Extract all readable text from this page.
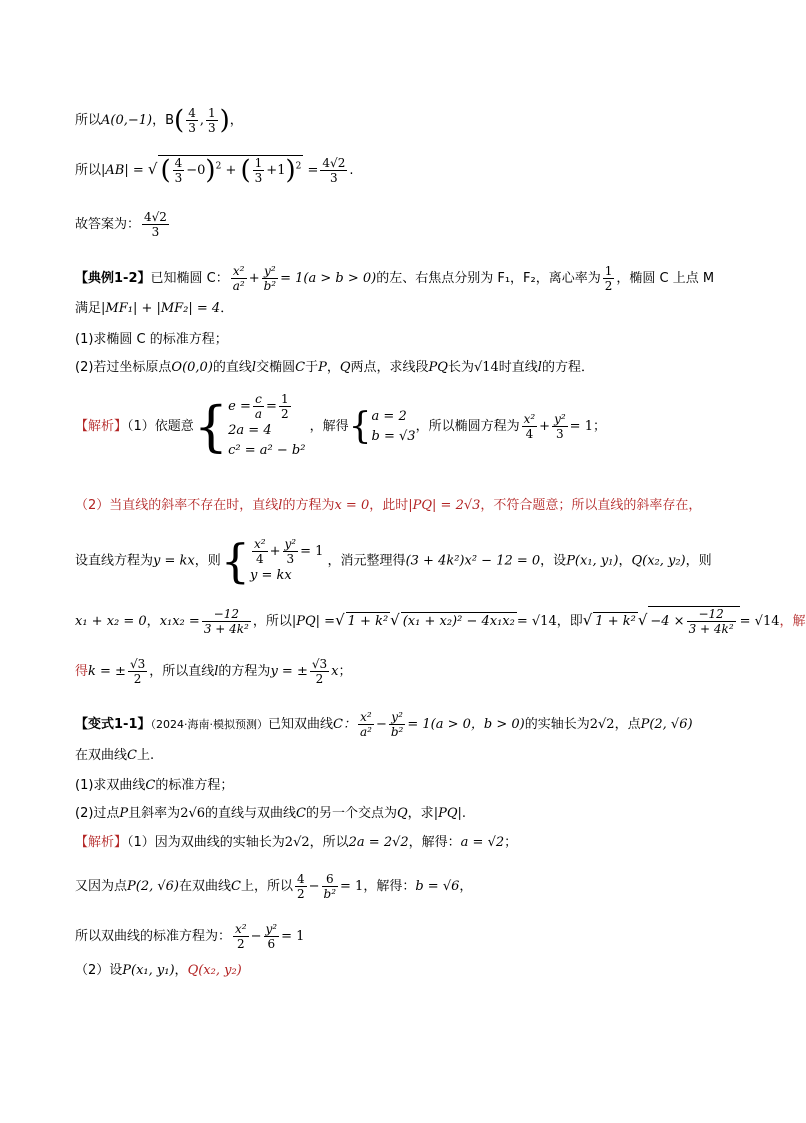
所以A(0,−1)，$B( \frac{4}{3}$ , $\frac{1}{3}$ )，
所以|AB| = √ ( $\frac{4}{3} -0)^2$ + ( $\frac{1}{3} +1)^2 = \frac{4√2}{3}$ .
故答案为： $\frac{4√2}{3}$
【典例1-2】已知椭圆 C： $\frac{\text{x²}}{\text{a²}} + \frac{\text{y²}}{\text{b²}} = 1(a > b > 0)$的左、右焦点分别为 F₁，F₂，离心率为 $\frac{1}{2}$ ，椭圆 C 上点 M
满足|MF₁| + |MF₂| = 4．
(1)求椭圆 C 的标准方程；
(2)若过坐标原点O(0,0)的直线l交椭圆C于P，Q两点，求线段PQ长为√14时直线l的方程．
【解析】（1）依题意{ $e = \frac{c}{a} = \frac{1}{2}$
2a = 4
c² = a² − b²
，解得{ a = 2
b = √3
，所以椭圆方程为 $\frac{\text{x²}}{4} + \frac{\text{y²}}{3} = 1$；
（2）当直线的斜率不存在时，直线l的方程为x = 0，此时|PQ| = 2√3，不符合题意；所以直线的斜率存在，
设直线方程为y = kx，则{ $\frac{\text{x²}}{4} + \frac{\text{y²}}{3} = 1$
y = kx
，消元整理得(3 + 4k²)x² − 12 = 0，设P(x₁, y₁)，Q(x₂, y₂)，则
x₁ + x₂ = 0，$x_1x_2 = \frac{-12}{\text{3 + 4k²}}$ ，所以|PQ| =√ 1 + k² √ (x₁ + x₂)² − 4x₁x₂ = √14，即√ 1 + k² √ $-4 \times \frac{-12}{\text{3 + 4k²}} = √14$，解
得k = ± $\frac{√3}{2}$ ，所以直线l的方程为y = ± $\frac{√3}{2}$ x；
【变式1-1】（2024·海南·模拟预测）已知双曲线C： $\frac{\text{x²}}{\text{a²}} - \frac{\text{y²}}{\text{b²}} = 1(a > 0$，b > 0)的实轴长为2√2，点P(2, √6)
在双曲线C上.
(1)求双曲线C的标准方程；
(2)过点P且斜率为2√6的直线与双曲线C的另一个交点为Q，求|PQ|.
【解析】（1）因为双曲线的实轴长为2√2，所以2a = 2√2，解得：a = √2；
又因为点P(2, √6)在双曲线C上，所以 $\frac{4}{2} - \frac{6}{\text{b²}} = 1$，解得：b = √6，
所以双曲线的标准方程为： $\frac{\text{x²}}{2} - \frac{\text{y²}}{6} = 1$
（2）设P(x₁, y₁)，Q(x₂, y₂)
